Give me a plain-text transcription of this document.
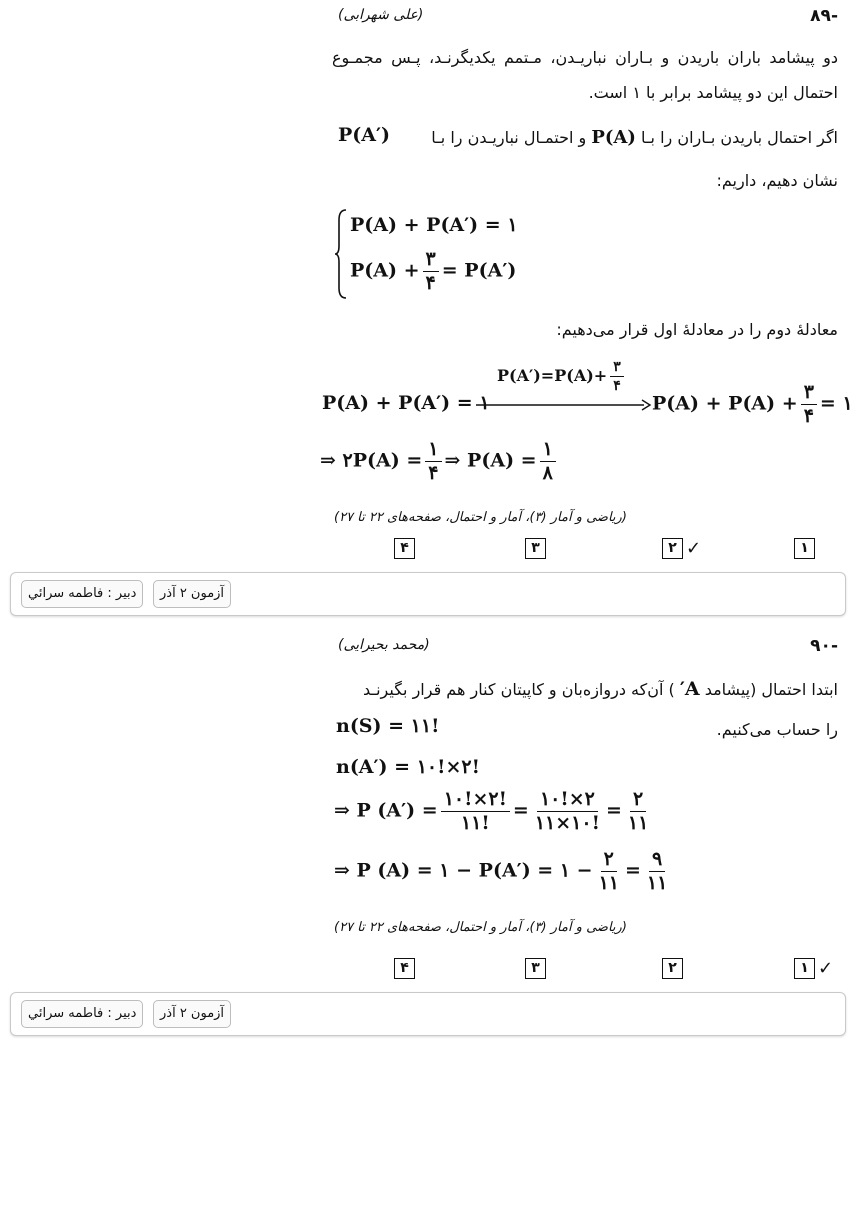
-۸۹
(علی شهرابی)
دو پیشامد باران باریدن و بـاران نباریـدن، مـتمم یکدیگرنـد، پـس مجمـوع احتمال این دو پیشامد برابر با ۱ است.
اگر احتمال باریدن بـاران را بـا P(A) و احتمـال نباریـدن را بـا
P(A′)
نشان دهیم، داریم:
P(A) + P(A′) = ۱
$P(A) + \frac{۳}{۴} = P(A')$
معادلهٔ دوم را در معادلهٔ اول قرار می‌دهیم:
P(A) + P(A′) = ۱
$P(A')=P(A)+ \frac{۳}{۴}$
$P(A) + P(A) + \frac{۳}{۴}$ = ۱
⇒ ۲P(A) = $\frac{۱}{۴}$ ⇒ $P(A) = \frac{۱}{۸}$
(ریاضی و آمار (۳)، آمار و احتمال، صفحه‌های ۲۲ تا ۲۷)
۱
۲ ✓
۳
۴
آزمون ۲ آذر
دبیر : فاطمه سرائي
-۹۰
(محمد بحیرایی)
ابتدا احتمال (پیشامد A′ ) آن‌که دروازه‌بان و کاپیتان کنار هم قرار بگیرنـد
را حساب می‌کنیم.
n(S) = ۱۱!
n(A′) = ۱۰!×۲!
⇒ P $(A') = \frac{۱۰!\times ۲!}{۱۱!} = \frac{۱۰!\times ۲}{۱۱\times ۱۰!} = \frac{۲}{۱۱}$
⇒ P (A) = ۱ − P(A′) = ۱ − $\frac{۲}{۱۱} = \frac{۹}{۱۱}$
(ریاضی و آمار (۳)، آمار و احتمال، صفحه‌های ۲۲ تا ۲۷)
۱ ✓
۲
۳
۴
آزمون ۲ آذر
دبیر : فاطمه سرائي
